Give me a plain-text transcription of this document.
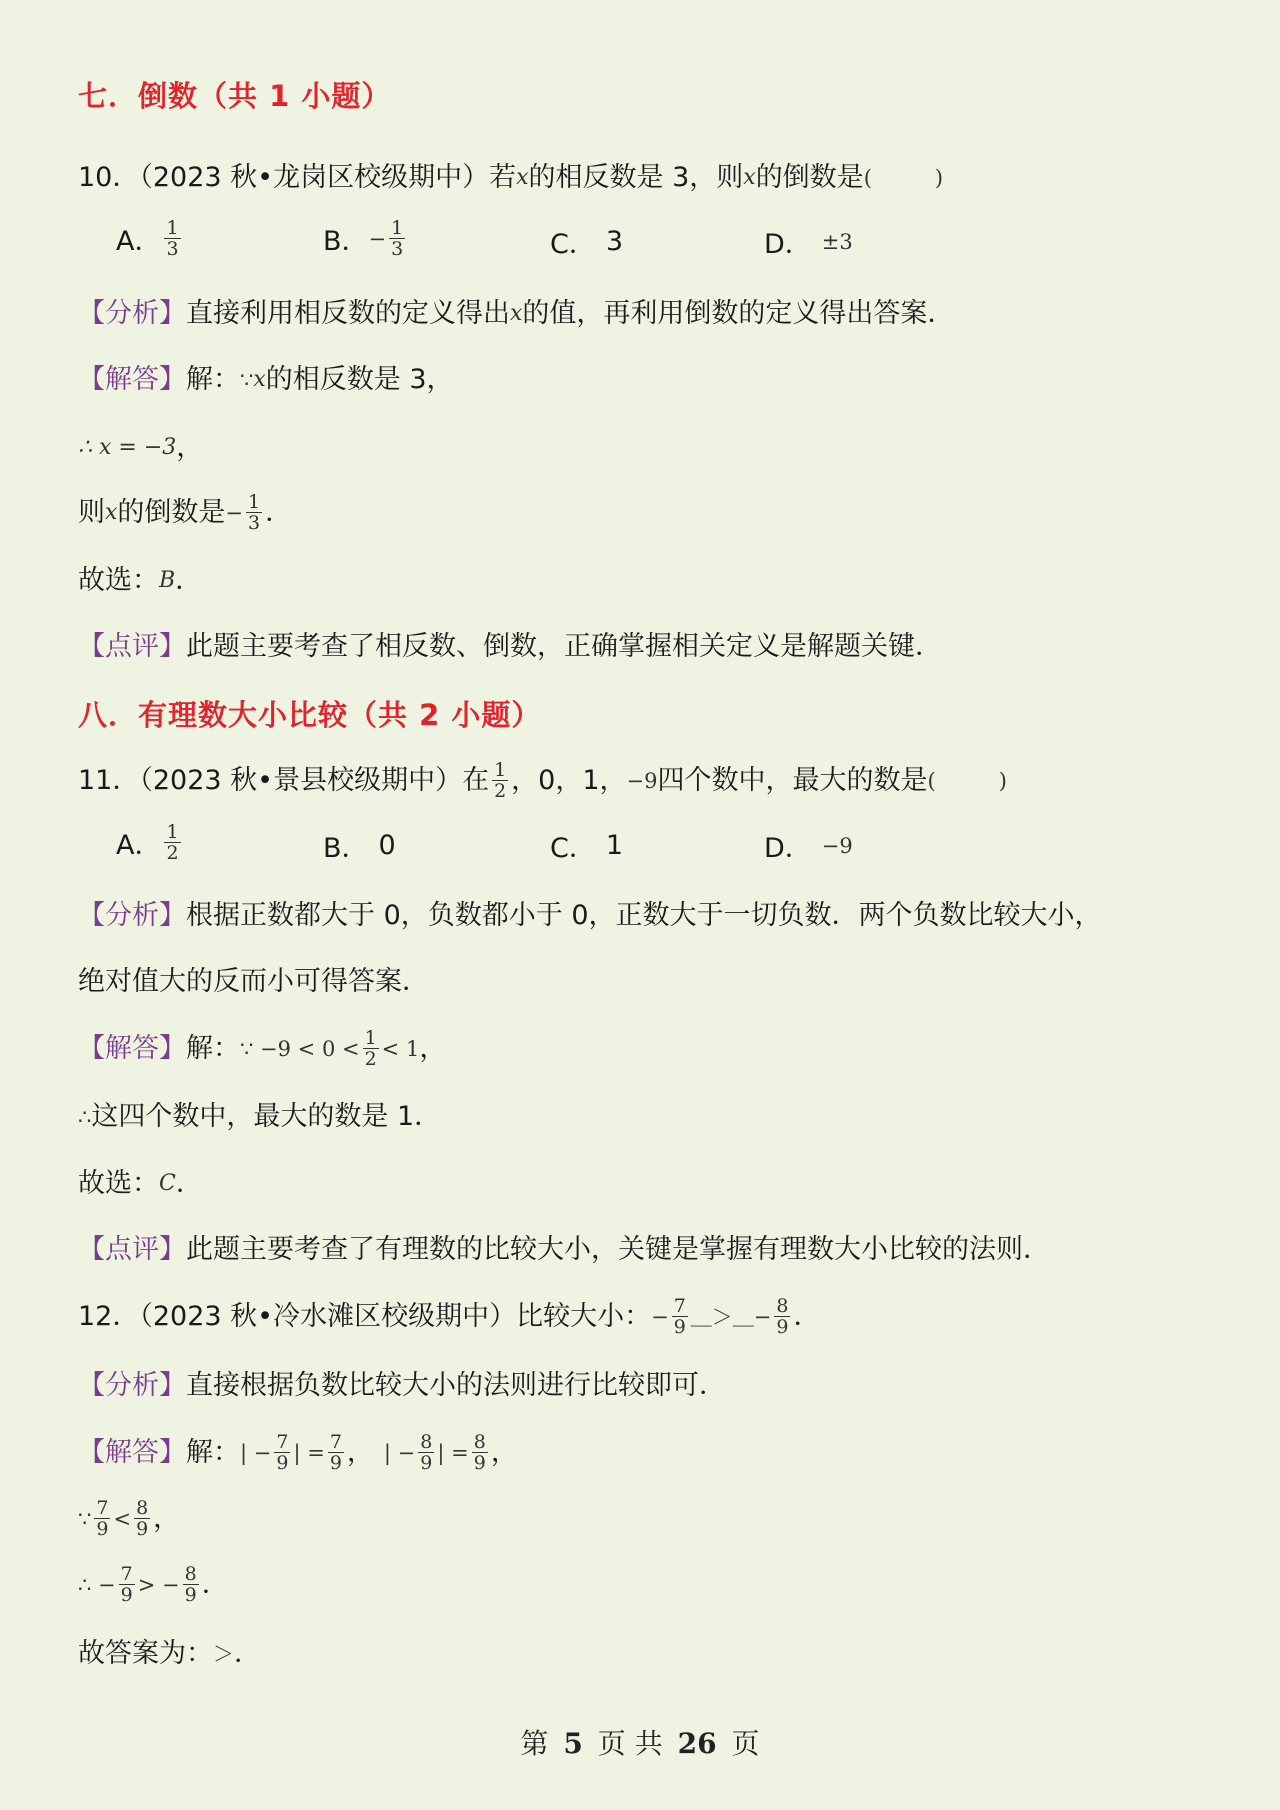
七．倒数（共 1 小题）
10．（2023 秋•龙岗区校级期中）若 x 的相反数是 3，则 x 的倒数是 (　　　)
A． $\frac{1}{3}$	B． − $\frac{1}{3}$	C． 3	D． ±3
【分析】 直接利用相反数的定义得出 x 的值，再利用倒数的定义得出答案．
【解答】 解： ∵ x 的相反数是 3，
∴ x = −3 ，
则 x 的倒数是 − $\frac{1}{3}$ ．
故选： B ．
【点评】 此题主要考查了相反数、倒数，正确掌握相关定义是解题关键．
八．有理数大小比较（共 2 小题）
11．（2023 秋•景县校级期中）在 $\frac{1}{2}$ ，0，1， −9 四个数中，最大的数是 (　　　)
A． $\frac{1}{2}$	B． 0	C． 1	D． −9
【分析】 根据正数都大于 0，负数都小于 0，正数大于一切负数．两个负数比较大小，
绝对值大的反而小可得答案．
【解答】 解： ∵ $-9 < 0 < \frac{1}{2} < 1$ ，
∴ 这四个数中，最大的数是 1．
故选： C ．
【点评】 此题主要考查了有理数的比较大小，关键是掌握有理数大小比较的法则．
12．（2023 秋•冷水滩区校级期中）比较大小： − $\frac{7}{9}$ ＿＞＿ − $\frac{8}{9}$ ．
【分析】 直接根据负数比较大小的法则进行比较即可．
【解答】 解： | − $\frac{7}{9}$ | = $\frac{7}{9}$ ， | − $\frac{8}{9}$ | = $\frac{8}{9}$ ，
∵ $\frac{7}{9} < \frac{8}{9}$ ，
∴ − $\frac{7}{9}$ > − $\frac{8}{9}$ ．
故答案为： ＞ ．
第 5 页 共 26 页
